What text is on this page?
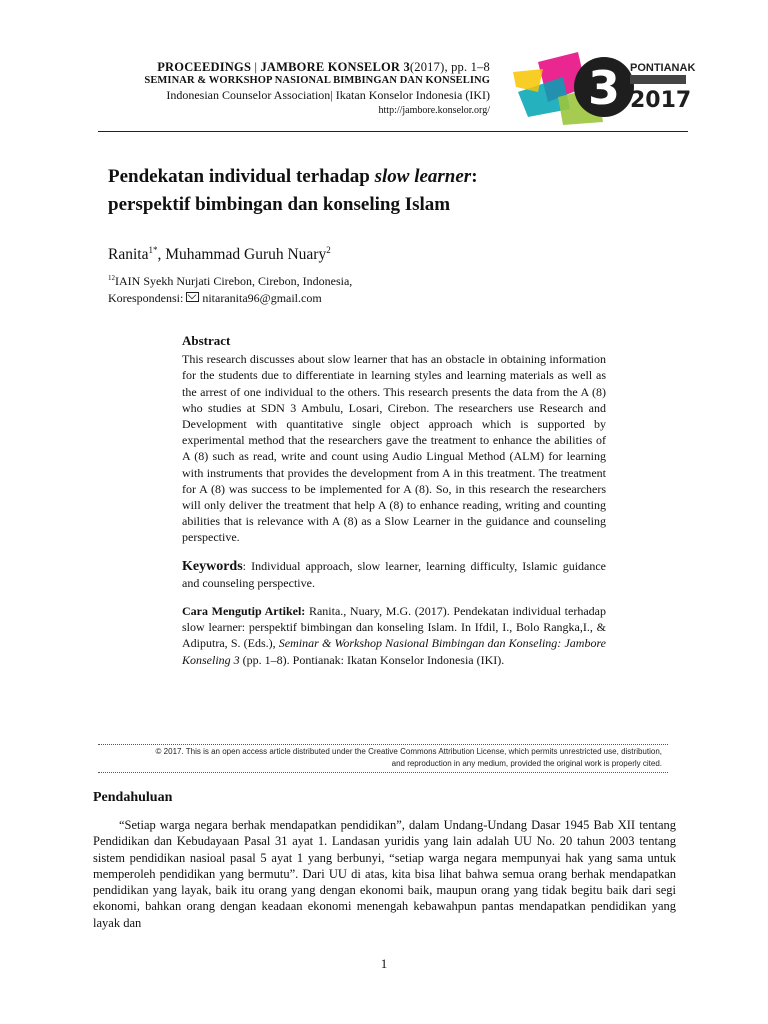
PROCEEDINGS | JAMBORE KONSELOR 3(2017), pp. 1–8
SEMINAR & WORKSHOP NASIONAL BIMBINGAN DAN KONSELING
Indonesian Counselor Association| Ikatan Konselor Indonesia (IKI)
http://jambore.konselor.org/ 3 PONTIANAK
2017
Pendekatan individual terhadap slow learner:
perspektif bimbingan dan konseling Islam
Ranita$^{1*}$, Muhammad Guruh Nuary$^2$
$^{12}$IAIN Syekh Nurjati Cirebon, Cirebon, Indonesia,
Korespondensi: nitaranita96@gmail.com
Abstract

This research discusses about slow learner that has an obstacle in obtaining information for the students due to differentiate in learning styles and learning materials as well as the arrest of one individual to the others. This research presents the data from the A (8) who studies at SDN 3 Ambulu, Losari, Cirebon. The researchers use Research and Development with quantitative single object approach which is supported by experimental method that the researchers gave the treatment to enhance the abilities of A (8) such as read, write and count using Audio Lingual Method (ALM) for learning with instruments that provides the development from A in this treatment. The treatment for A (8) was success to be implemented for A (8). So, in this research the researchers will only deliver the treatment that help A (8) to enhance reading, writing and counting abilities that is relevance with A (8) as a Slow Learner in the guidance and counseling perspective.

Keywords: Individual approach, slow learner, learning difficulty, Islamic guidance and counseling perspective.

Cara Mengutip Artikel: Ranita., Nuary, M.G. (2017). Pendekatan individual terhadap slow learner: perspektif bimbingan dan konseling Islam. In Ifdil, I., Bolo Rangka,I., & Adiputra, S. (Eds.), Seminar & Workshop Nasional Bimbingan dan Konseling: Jambore Konseling 3 (pp. 1–8). Pontianak: Ikatan Konselor Indonesia (IKI).

© 2017. This is an open access article distributed under the Creative Commons Attribution License, which permits unrestricted use, distribution,
and reproduction in any medium, provided the original work is properly cited.
Pendahuluan

“Setiap warga negara berhak mendapatkan pendidikan”, dalam Undang-Undang Dasar 1945 Bab XII tentang Pendidikan dan Kebudayaan Pasal 31 ayat 1. Landasan yuridis yang lain adalah UU No. 20 tahun 2003 tentang sistem pendidikan nasioal pasal 5 ayat 1 yang berbunyi, “setiap warga negara mempunyai hak yang sama untuk memperoleh pendidikan yang bermutu”. Dari UU di atas, kita bisa lihat bahwa semua orang berhak mendapatkan pendidikan yang layak, baik itu orang yang dengan ekonomi baik, maupun orang yang tidak begitu baik dari segi ekonomi, bahkan orang dengan keadaan ekonomi menengah kebawahpun pantas mendapatkan pendidikan yang layak dan

1
